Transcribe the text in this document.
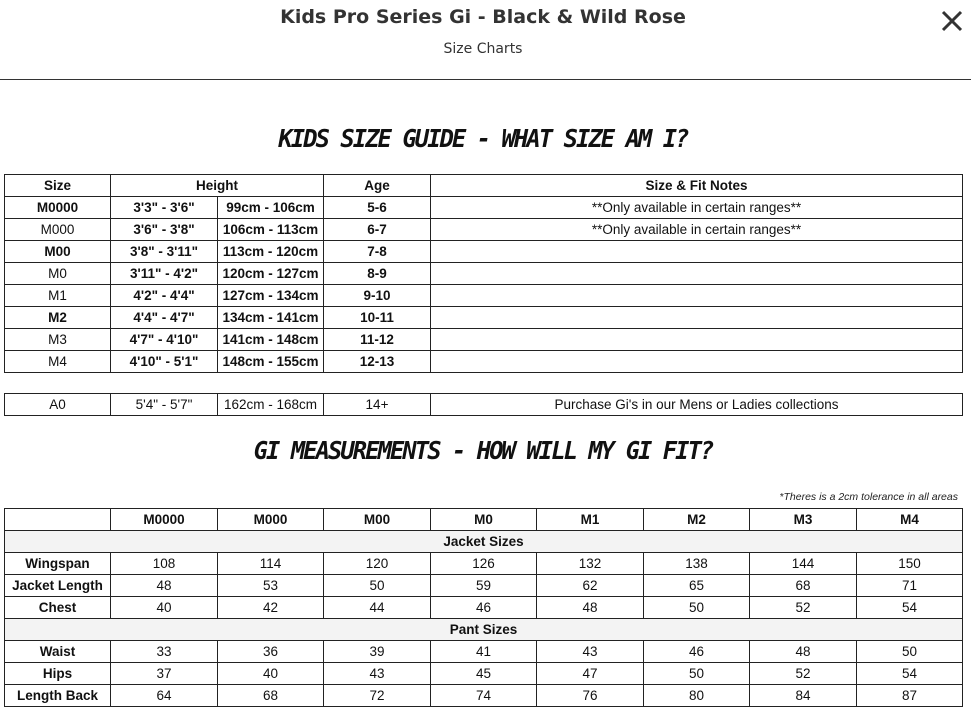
Kids Pro Series Gi - Black & Wild Rose
Size Charts
KIDS SIZE GUIDE - WHAT SIZE AM I?
Size	Height		Age	Size & Fit Notes
M0000	3'3" - 3'6"	99cm - 106cm	5-6	**Only available in certain ranges**
M000	3'6" - 3'8"	106cm - 113cm	6-7	**Only available in certain ranges**
M00	3'8" - 3'11"	113cm - 120cm	7-8	
M0	3'11" - 4'2"	120cm - 127cm	8-9	
M1	4'2" - 4'4"	127cm - 134cm	9-10	
M2	4'4" - 4'7"	134cm - 141cm	10-11	
M3	4'7" - 4'10"	141cm - 148cm	11-12	
M4	4'10" - 5'1"	148cm - 155cm	12-13	

A0	5'4" - 5'7"	162cm - 168cm	14+	Purchase Gi's in our Mens or Ladies collections
GI MEASUREMENTS - HOW WILL MY GI FIT?
*Theres is a 2cm tolerance in all areas
	M0000	M000	M00	M0	M1	M2	M3	M4
Jacket Sizes								
Wingspan	108	114	120	126	132	138	144	150
Jacket Length	48	53	50	59	62	65	68	71
Chest	40	42	44	46	48	50	52	54
Pant Sizes								
Waist	33	36	39	41	43	46	48	50
Hips	37	40	43	45	47	50	52	54
Length Back	64	68	72	74	76	80	84	87
